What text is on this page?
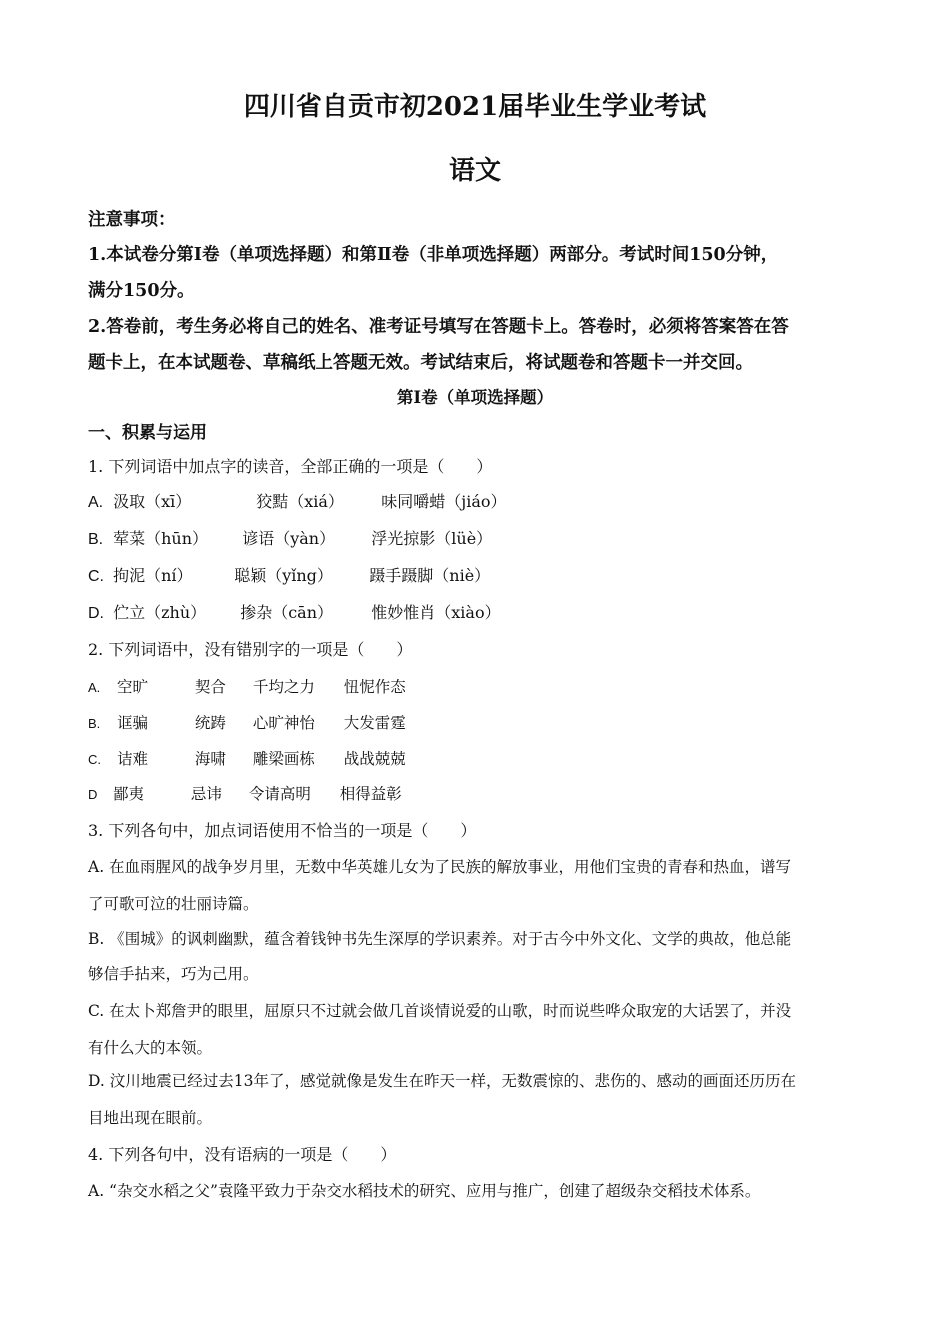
四川省自贡市初2021届毕业生学业考试
语文
注意事项：
1.本试卷分第Ⅰ卷（单项选择题）和第Ⅱ卷（非单项选择题）两部分。考试时间150分钟，
满分150分。
2.答卷前，考生务必将自己的姓名、准考证号填写在答题卡上。答卷时，必须将答案答在答
题卡上，在本试题卷、草稿纸上答题无效。考试结束后，将试题卷和答题卡一并交回。
第Ⅰ卷（单项选择题）
一、积累与运用
1. 下列词语中加点字的读音，全部正确的一项是（　　）
A. 汲取（xī）	狡黠（xiá） 味同嚼蜡（jiáo）
B. 荤菜（hūn） 谚语（yàn） 浮光掠影（lüè）
C. 拘泥（ní）	聪颖（yǐng） 蹑手蹑脚（niè）
D. 伫立（zhù） 掺杂（cān） 惟妙惟肖（xiào）
2. 下列词语中，没有错别字的一项是（　　）
A. 空旷	契合 千均之力 忸怩作态
B. 诓骗	统踌 心旷神怡 大发雷霆
C. 诘难	海啸 雕梁画栋 战战兢兢
D 鄙夷	忌讳 令请高明 相得益彰
3. 下列各句中，加点词语使用不恰当的一项是（　　）
A. 在血雨腥风的战争岁月里，无数中华英雄儿女为了民族的解放事业，用他们宝贵的青春和热血，谱写
了可歌可泣的壮丽诗篇。
B. 《围城》的讽刺幽默，蕴含着钱钟书先生深厚的学识素养。对于古今中外文化、文学的典故，他总能
够信手拈来，巧为己用。
C. 在太卜郑詹尹的眼里，屈原只不过就会做几首谈情说爱的山歌，时而说些哗众取宠的大话罢了，并没
有什么大的本领。
D. 汶川地震已经过去13年了，感觉就像是发生在昨天一样，无数震惊的、悲伤的、感动的画面还历历在
目地出现在眼前。
4. 下列各句中，没有语病的一项是（　　）
A. “杂交水稻之父”袁隆平致力于杂交水稻技术的研究、应用与推广，创建了超级杂交稻技术体系。
